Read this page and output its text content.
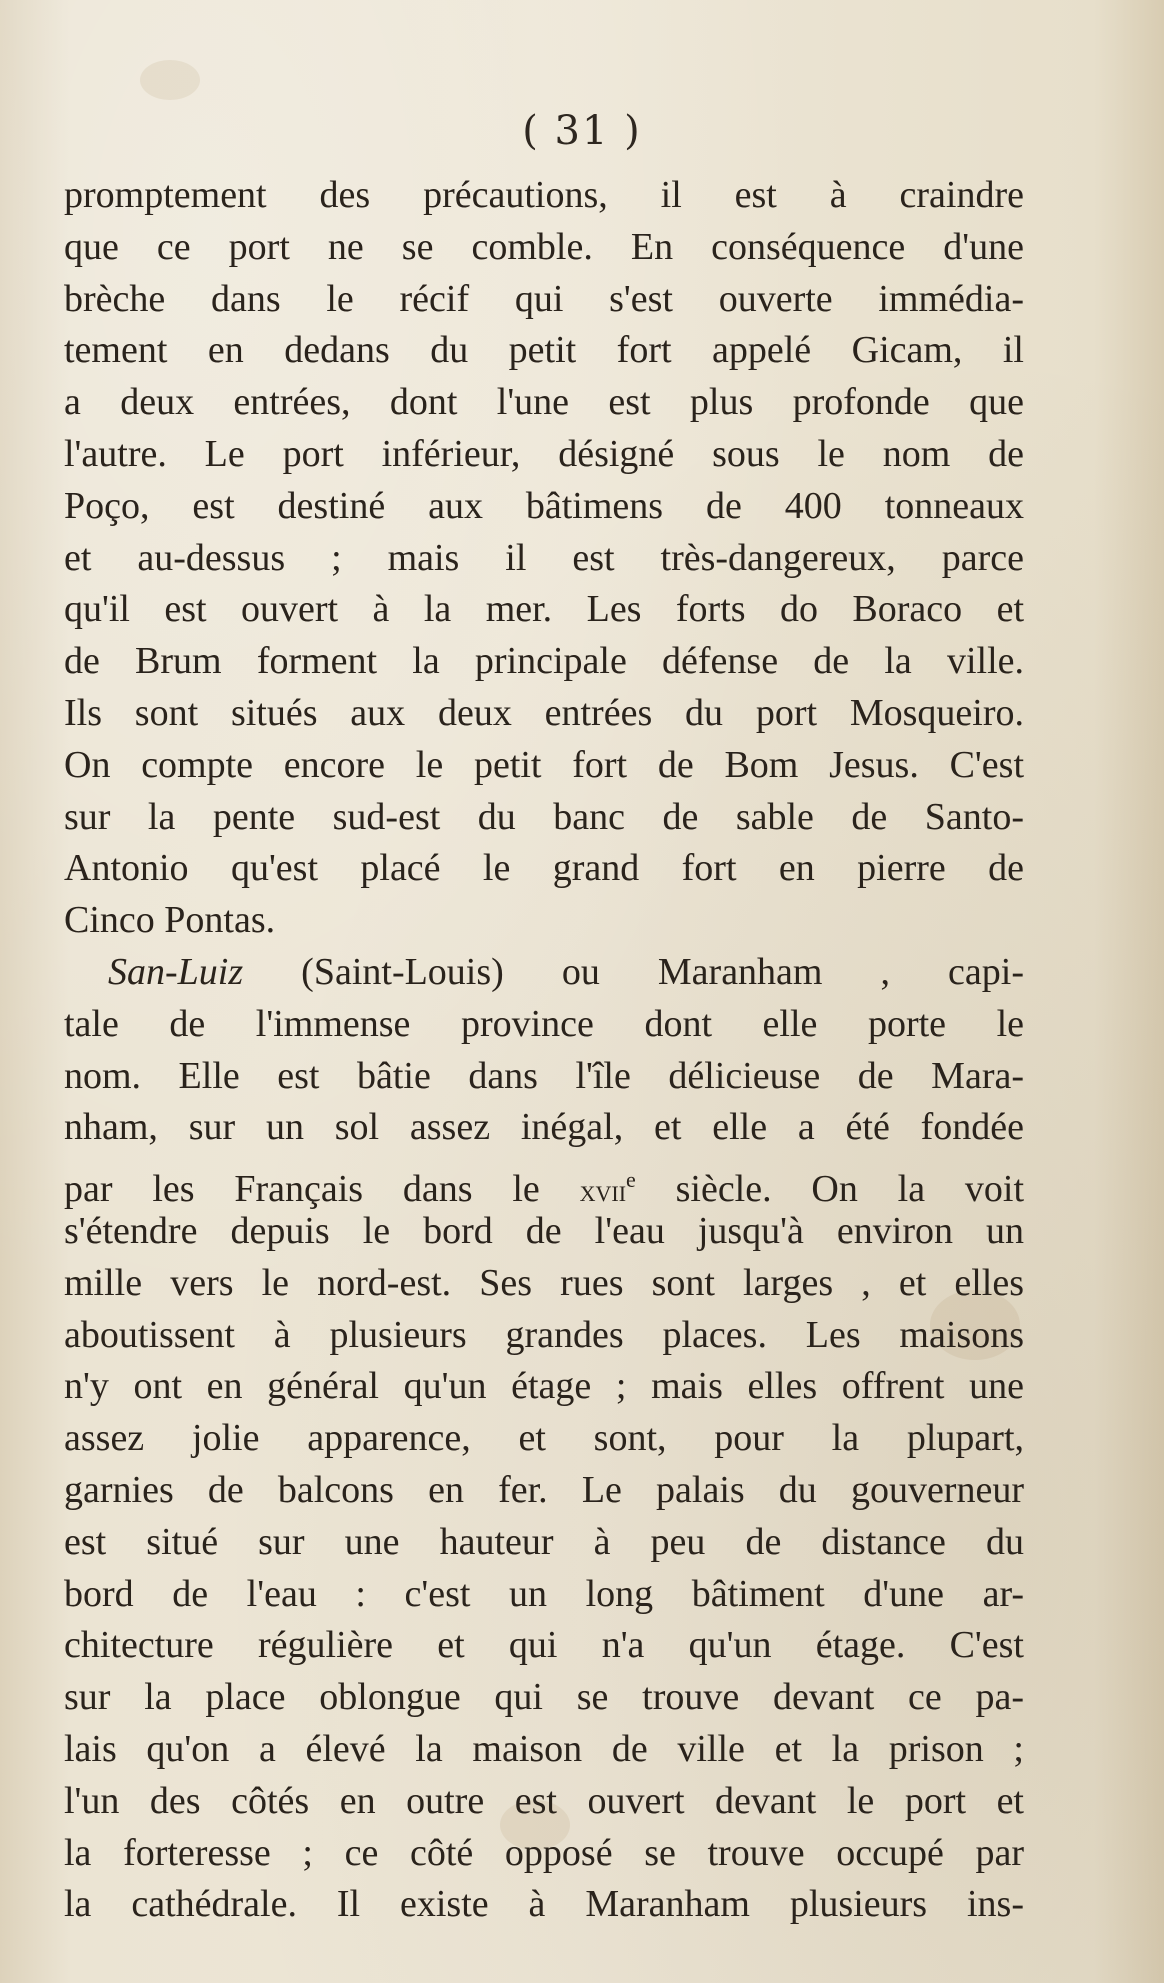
( 31 )
promptement des précautions, il est à craindre
que ce port ne se comble. En conséquence d'une
brèche dans le récif qui s'est ouverte immédia-
tement en dedans du petit fort appelé Gicam, il
a deux entrées, dont l'une est plus profonde que
l'autre. Le port inférieur, désigné sous le nom de
Poço, est destiné aux bâtimens de 400 tonneaux
et au-dessus ; mais il est très-dangereux, parce
qu'il est ouvert à la mer. Les forts do Boraco et
de Brum forment la principale défense de la ville.
Ils sont situés aux deux entrées du port Mosqueiro.
On compte encore le petit fort de Bom Jesus. C'est
sur la pente sud-est du banc de sable de Santo-
Antonio qu'est placé le grand fort en pierre de
Cinco Pontas.
San-Luiz (Saint-Louis) ou Maranham , capi-
tale de l'immense province dont elle porte le
nom. Elle est bâtie dans l'île délicieuse de Mara-
nham, sur un sol assez inégal, et elle a été fondée
par les Français dans le xvii$^e$ siècle. On la voit
s'étendre depuis le bord de l'eau jusqu'à environ un
mille vers le nord-est. Ses rues sont larges , et elles
aboutissent à plusieurs grandes places. Les maisons
n'y ont en général qu'un étage ; mais elles offrent une
assez jolie apparence, et sont, pour la plupart,
garnies de balcons en fer. Le palais du gouverneur
est situé sur une hauteur à peu de distance du
bord de l'eau : c'est un long bâtiment d'une ar-
chitecture régulière et qui n'a qu'un étage. C'est
sur la place oblongue qui se trouve devant ce pa-
lais qu'on a élevé la maison de ville et la prison ;
l'un des côtés en outre est ouvert devant le port et
la forteresse ; ce côté opposé se trouve occupé par
la cathédrale. Il existe à Maranham plusieurs ins-
